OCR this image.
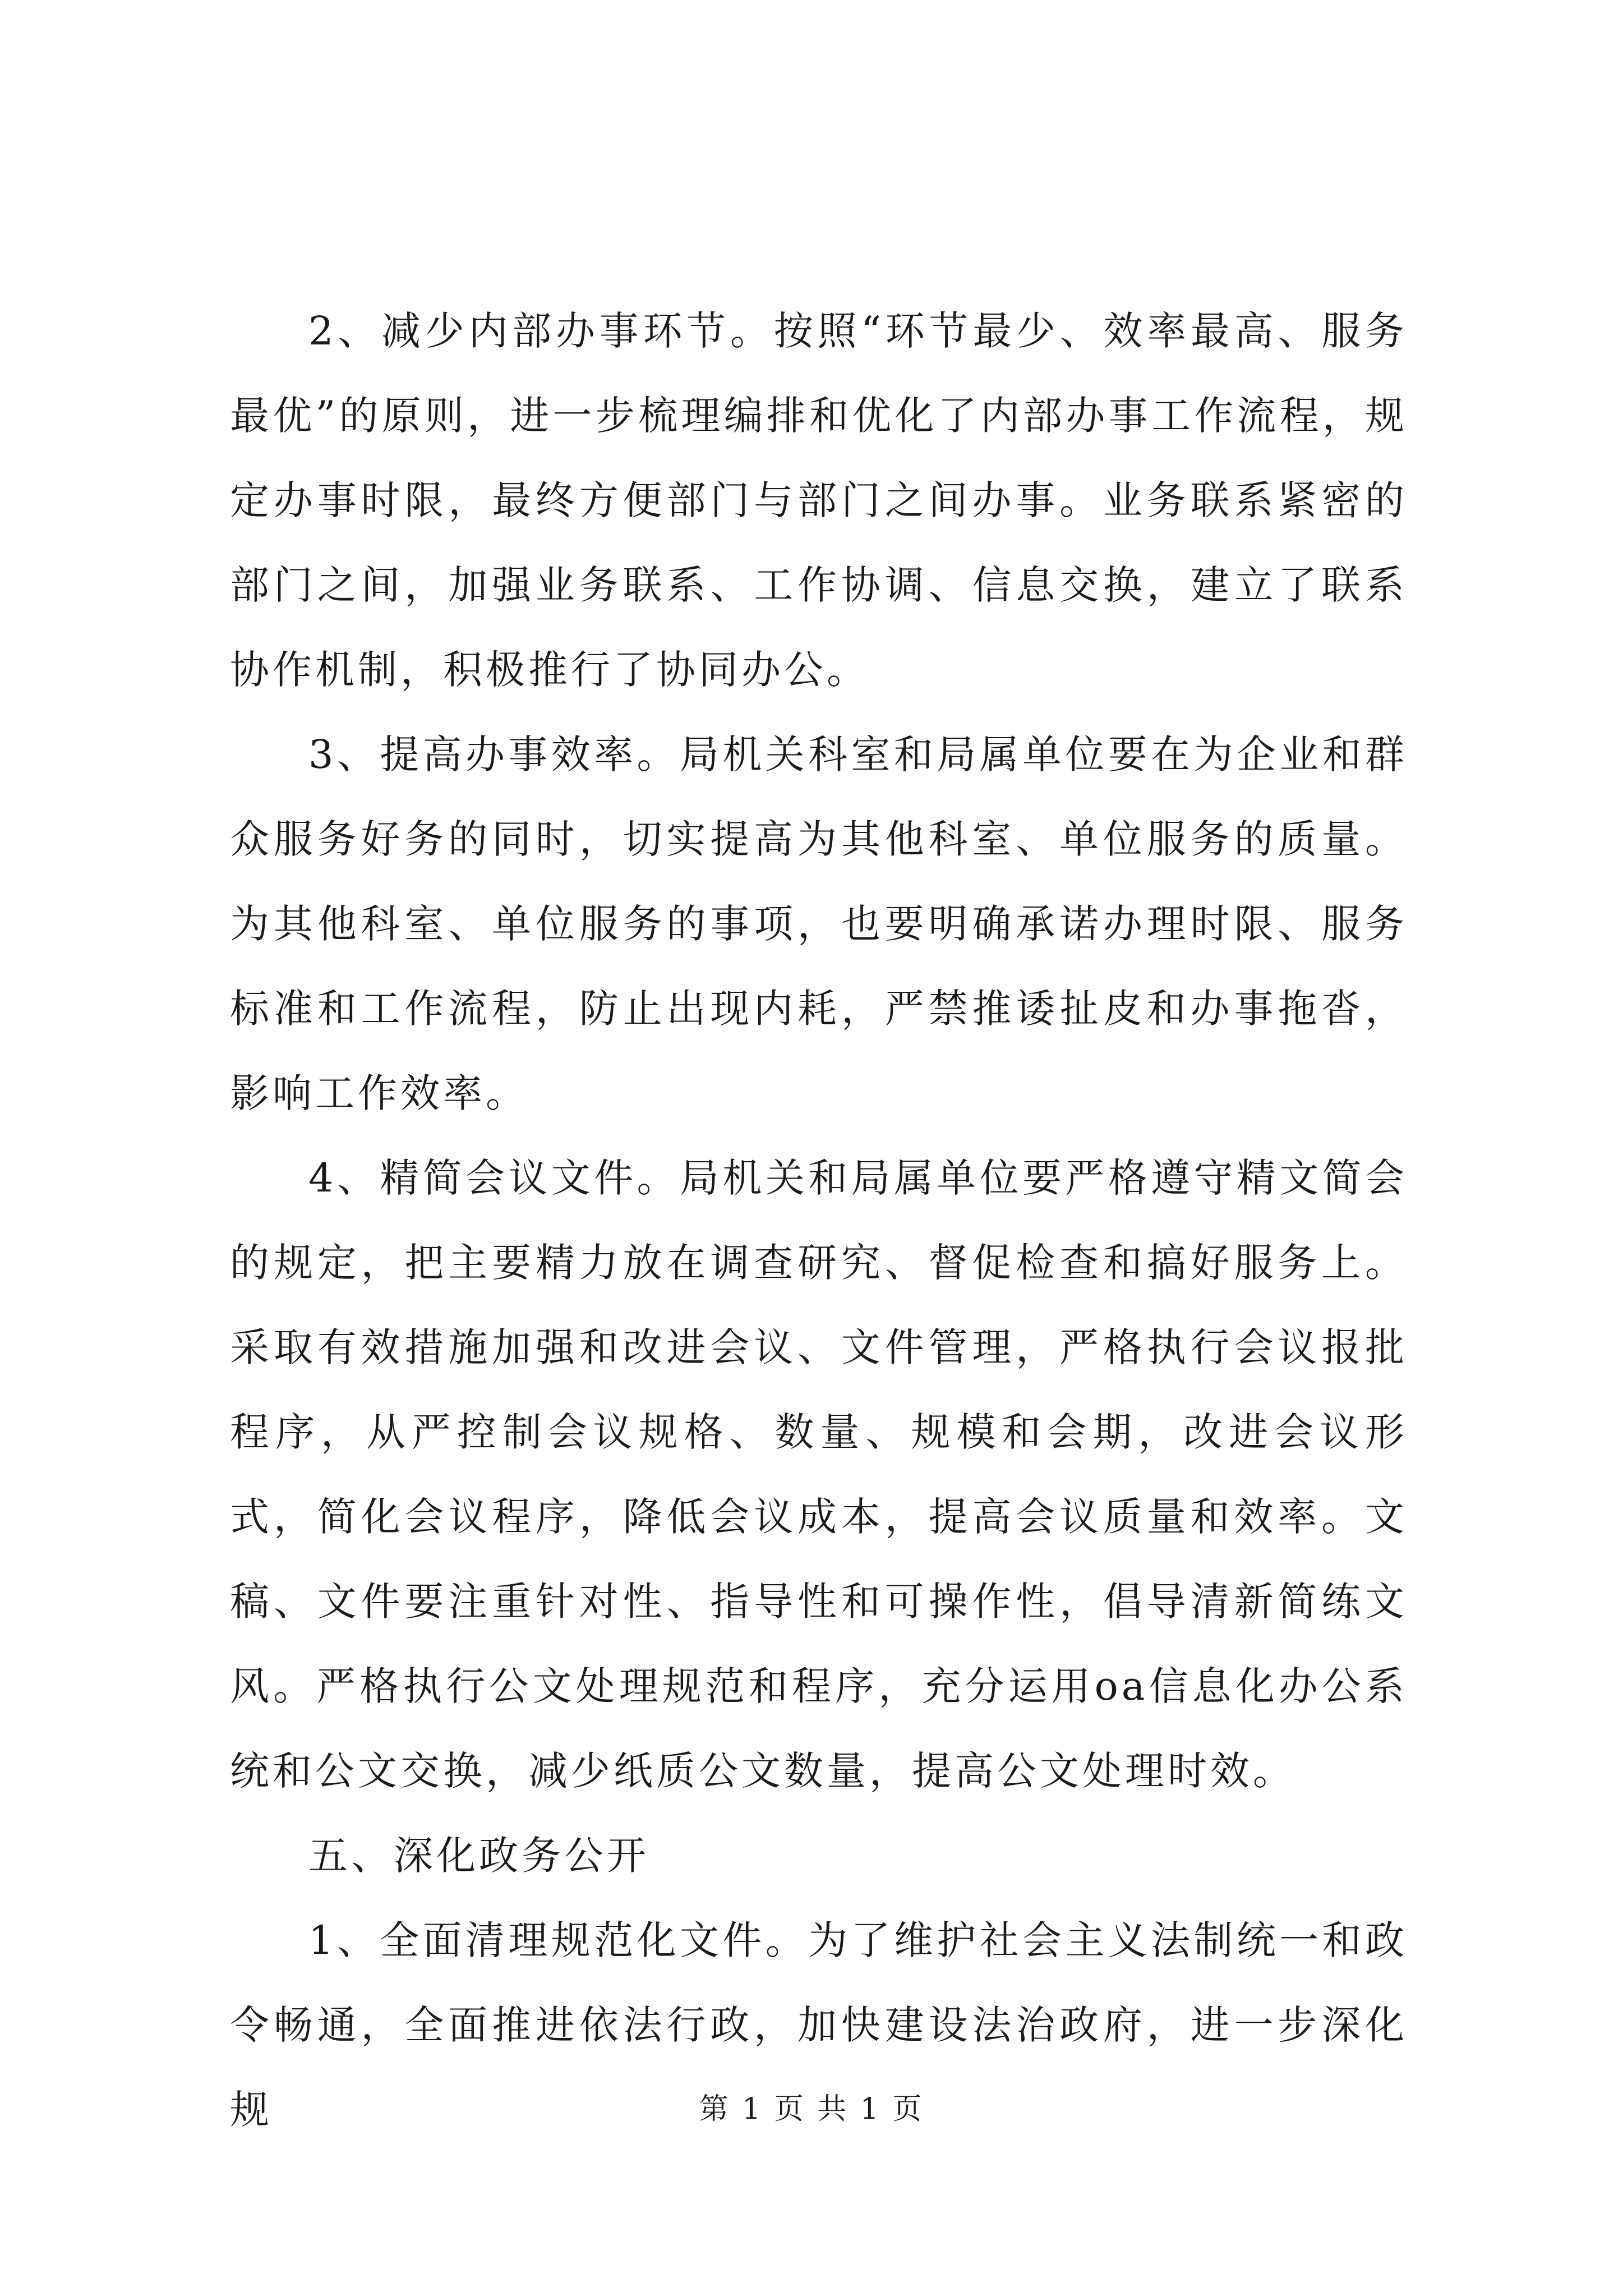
2、减少内部办事环节。按照“环节最少、效率最高、服务最优”的原则，进一步梳理编排和优化了内部办事工作流程，规定办事时限，最终方便部门与部门之间办事。业务联系紧密的部门之间，加强业务联系、工作协调、信息交换，建立了联系协作机制，积极推行了协同办公。

3、提高办事效率。局机关科室和局属单位要在为企业和群众服务好务的同时，切实提高为其他科室、单位服务的质量。为其他科室、单位服务的事项，也要明确承诺办理时限、服务标准和工作流程，防止出现内耗，严禁推诿扯皮和办事拖沓，影响工作效率。

4、精简会议文件。局机关和局属单位要严格遵守精文简会的规定，把主要精力放在调查研究、督促检查和搞好服务上。采取有效措施加强和改进会议、文件管理，严格执行会议报批程序，从严控制会议规格、数量、规模和会期，改进会议形式，简化会议程序，降低会议成本，提高会议质量和效率。文稿、文件要注重针对性、指导性和可操作性，倡导清新简练文风。严格执行公文处理规范和程序，充分运用oa信息化办公系统和公文交换，减少纸质公文数量，提高公文处理时效。

五、深化政务公开

1、全面清理规范化文件。为了维护社会主义法制统一和政令畅通，全面推进依法行政，加快建设法治政府，进一步深化规	第 1 页 共 1 页
